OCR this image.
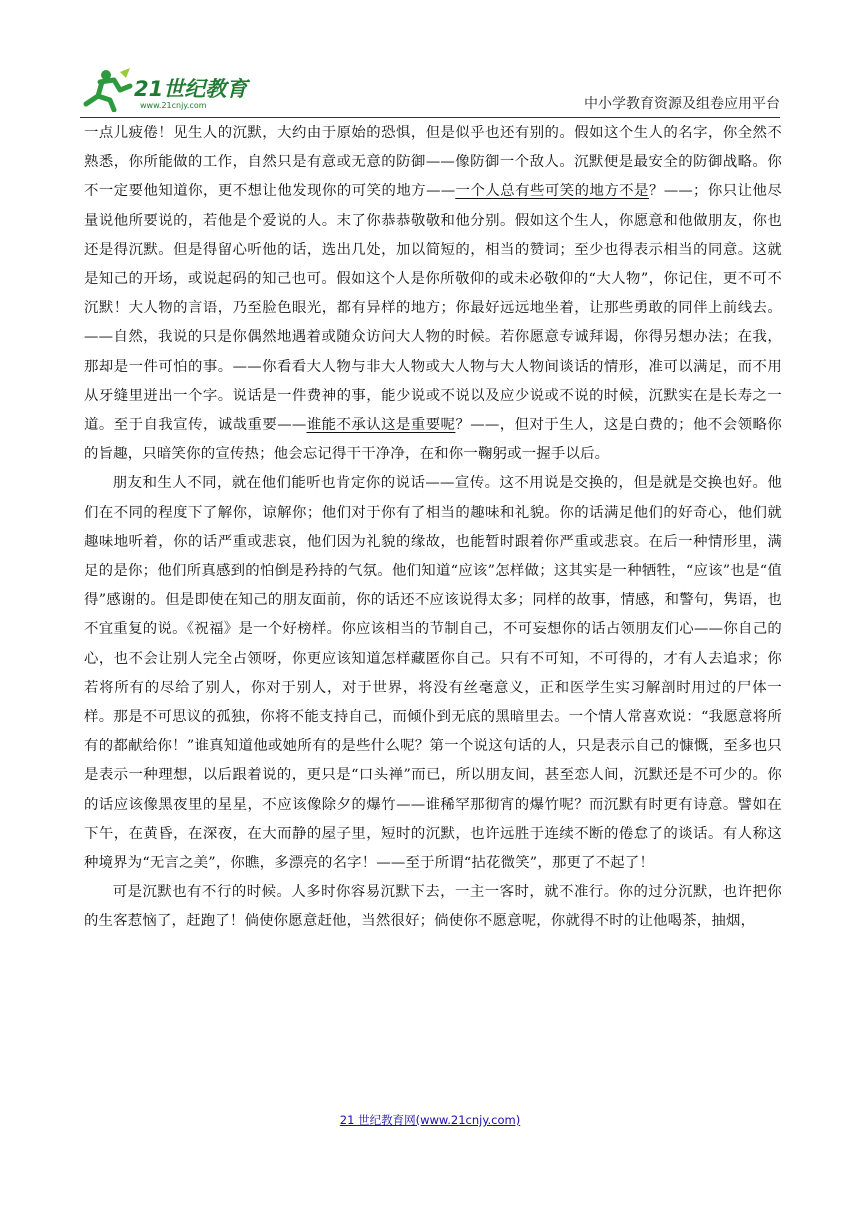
21世纪教育
www.21cnjy.com	中小学教育资源及组卷应用平台

一点儿疲倦！见生人的沉默，大约由于原始的恐惧，但是似乎也还有别的。假如这个生人的名字，你全然不熟悉，你所能做的工作，自然只是有意或无意的防御——像防御一个敌人。沉默便是最安全的防御战略。你不一定要他知道你，更不想让他发现你的可笑的地方——一个人总有些可笑的地方不是？——；你只让他尽量说他所要说的，若他是个爱说的人。末了你恭恭敬敬和他分别。假如这个生人，你愿意和他做朋友，你也还是得沉默。但是得留心听他的话，选出几处，加以简短的，相当的赞词；至少也得表示相当的同意。这就是知己的开场，或说起码的知己也可。假如这个人是你所敬仰的或未必敬仰的“大人物”，你记住，更不可不沉默！大人物的言语，乃至脸色眼光，都有异样的地方；你最好远远地坐着，让那些勇敢的同伴上前线去。——自然，我说的只是你偶然地遇着或随众访问大人物的时候。若你愿意专诚拜谒，你得另想办法；在我，那却是一件可怕的事。——你看看大人物与非大人物或大人物与大人物间谈话的情形，准可以满足，而不用从牙缝里迸出一个字。说话是一件费神的事，能少说或不说以及应少说或不说的时候，沉默实在是长寿之一道。至于自我宣传，诚哉重要——谁能不承认这是重要呢？——，但对于生人，这是白费的；他不会领略你的旨趣，只暗笑你的宣传热；他会忘记得干干净净，在和你一鞠躬或一握手以后。

朋友和生人不同，就在他们能听也肯定你的说话——宣传。这不用说是交换的，但是就是交换也好。他们在不同的程度下了解你，谅解你；他们对于你有了相当的趣味和礼貌。你的话满足他们的好奇心，他们就趣味地听着，你的话严重或悲哀，他们因为礼貌的缘故，也能暂时跟着你严重或悲哀。在后一种情形里，满足的是你；他们所真感到的怕倒是矜持的气氛。他们知道“应该”怎样做；这其实是一种牺牲，“应该”也是“值得”感谢的。但是即使在知己的朋友面前，你的话还不应该说得太多；同样的故事，情感，和警句，隽语，也不宜重复的说。《祝福》是一个好榜样。你应该相当的节制自己，不可妄想你的话占领朋友们心——你自己的心，也不会让别人完全占领呀，你更应该知道怎样藏匿你自己。只有不可知，不可得的，才有人去追求；你若将所有的尽给了别人，你对于别人，对于世界，将没有丝毫意义，正和医学生实习解剖时用过的尸体一样。那是不可思议的孤独，你将不能支持自己，而倾仆到无底的黑暗里去。一个情人常喜欢说：“我愿意将所有的都献给你！”谁真知道他或她所有的是些什么呢？第一个说这句话的人，只是表示自己的慷慨，至多也只是表示一种理想，以后跟着说的，更只是“口头禅”而已，所以朋友间，甚至恋人间，沉默还是不可少的。你的话应该像黑夜里的星星，不应该像除夕的爆竹——谁稀罕那彻宵的爆竹呢？而沉默有时更有诗意。譬如在下午，在黄昏，在深夜，在大而静的屋子里，短时的沉默，也许远胜于连续不断的倦怠了的谈话。有人称这种境界为“无言之美”，你瞧，多漂亮的名字！——至于所谓“拈花微笑”，那更了不起了！

可是沉默也有不行的时候。人多时你容易沉默下去，一主一客时，就不准行。你的过分沉默，也许把你的生客惹恼了，赶跑了！倘使你愿意赶他，当然很好；倘使你不愿意呢，你就得不时的让他喝茶，抽烟，

21 世纪教育网(www.21cnjy.com)
